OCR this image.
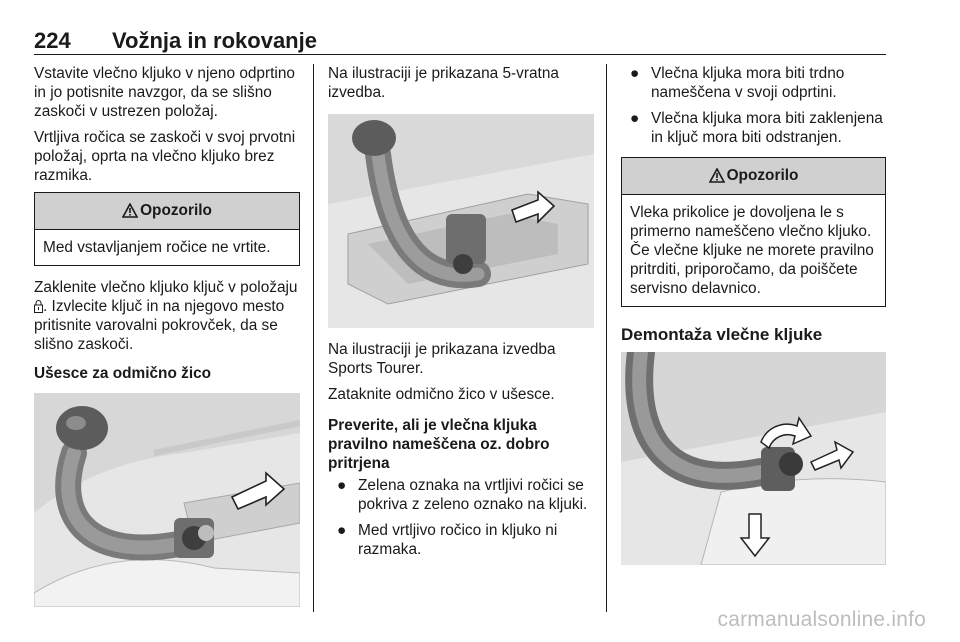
224 Vožnja in rokovanje

Vstavite vlečno kljuko v njeno odprtino in jo potisnite navzgor, da se slišno zaskoči v ustrezen položaj.

Vrtljiva ročica se zaskoči v svoj prvotni položaj, oprta na vlečno kljuko brez razmika.

Opozorilo
Med vstavljanjem ročice ne vrtite.

Zaklenite vlečno kljuko ključ v položaju . Izvlecite ključ in na njegovo mesto pritisnite varovalni pokrovček, da se slišno zaskoči.

Ušesce za odmično žico

Na ilustraciji je prikazana 5-vratna izvedba.

Na ilustraciji je prikazana izvedba Sports Tourer.

Zataknite odmično žico v ušesce.

Preverite, ali je vlečna kljuka pravilno nameščena oz. dobro pritrjena

● Zelena oznaka na vrtljivi ročici se pokriva z zeleno oznako na kljuki.
● Med vrtljivo ročico in kljuko ni razmaka.
● Vlečna kljuka mora biti trdno nameščena v svoji odprtini.
● Vlečna kljuka mora biti zaklenjena in ključ mora biti odstranjen.
Opozorilo
Vleka prikolice je dovoljena le s primerno nameščeno vlečno kljuko. Če vlečne kljuke ne morete pravilno pritrditi, priporočamo, da poiščete servisno delavnico.
Demontaža vlečne kljuke
carmanualsonline.info
